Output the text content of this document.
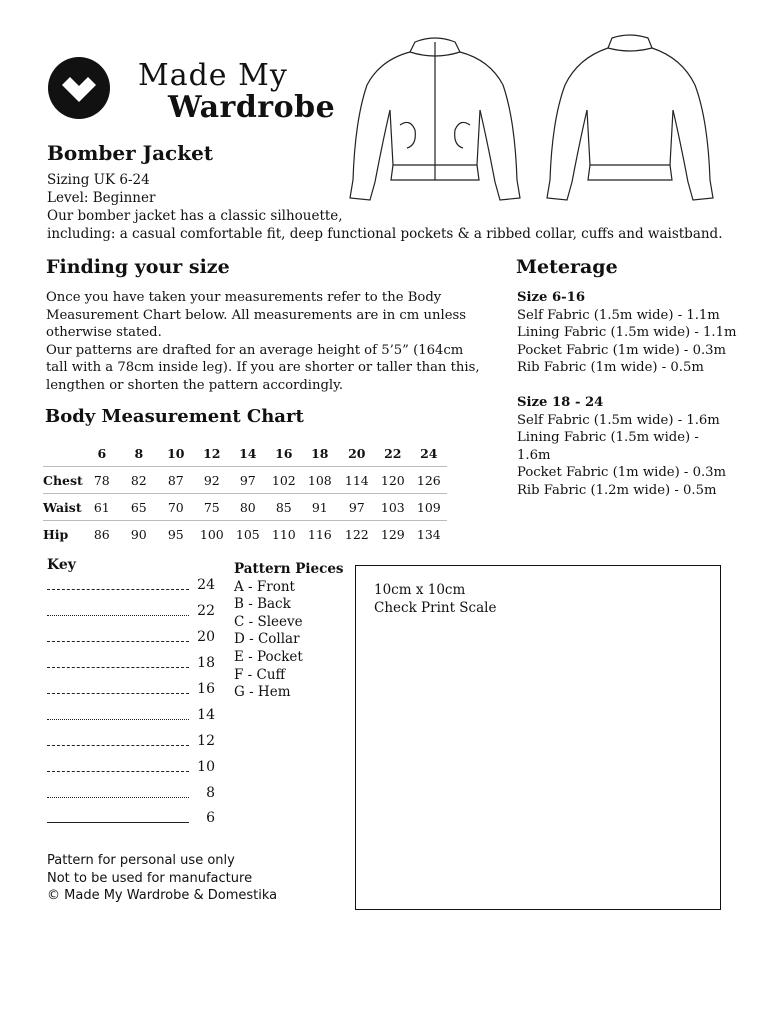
Made My
Wardrobe
Bomber Jacket
Sizing UK 6-24
Level: Beginner
Our bomber jacket has a classic silhouette,
including: a casual comfortable fit, deep functional pockets & a ribbed collar, cuffs and waistband.
Finding your size
Once you have taken your measurements refer to the Body
Measurement Chart below. All measurements are in cm unless
otherwise stated.
Our patterns are drafted for an average height of 5’5” (164cm
tall with a 78cm inside leg). If you are shorter or taller than this,
lengthen or shorten the pattern accordingly.
Body Measurement Chart
	6	8	10	12	14	16	18	20	22	24
Chest	78	82	87	92	97	102	108	114	120	126
Waist	61	65	70	75	80	85	91	97	103	109
Hip	86	90	95	100	105	110	116	122	129	134
Meterage
Size 6-16
Self Fabric (1.5m wide) - 1.1m
Lining Fabric (1.5m wide) - 1.1m
Pocket Fabric (1m wide) - 0.3m
Rib Fabric (1m wide) - 0.5m
Size 18 - 24
Self Fabric (1.5m wide) - 1.6m
Lining Fabric (1.5m wide) -
1.6m
Pocket Fabric (1m wide) - 0.3m
Rib Fabric (1.2m wide) - 0.5m
Key
24
22
20
18
16
14
12
10
8
6
Pattern Pieces
A - Front
B - Back
C - Sleeve
D - Collar
E - Pocket
F - Cuff
G - Hem
10cm x 10cm
Check Print Scale
Pattern for personal use only
Not to be used for manufacture
© Made My Wardrobe & Domestika
